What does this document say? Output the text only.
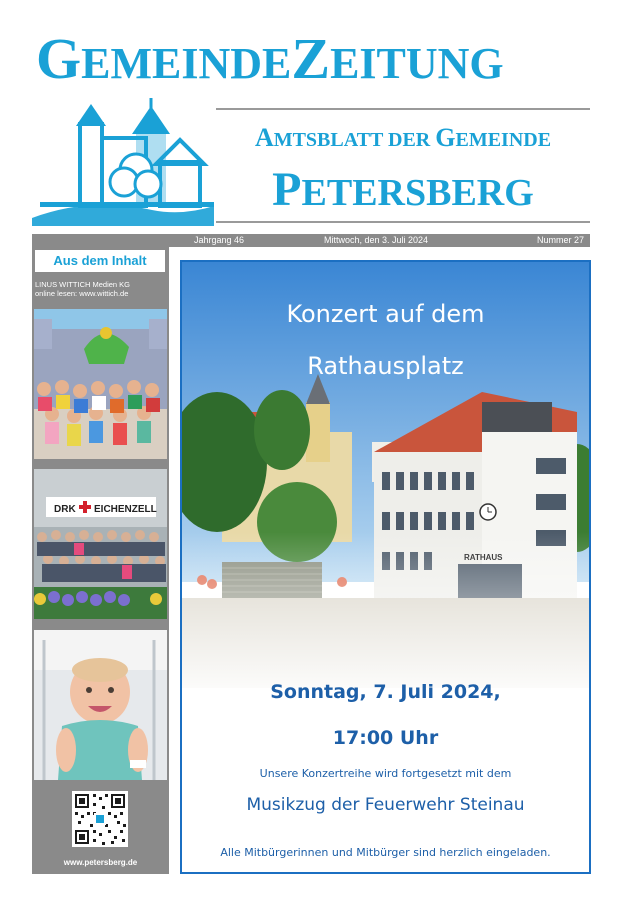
GEMEINDEZEITUNG
AMTSBLATT DER GEMEINDE
PETERSBERG
Jahrgang 46	Mittwoch, den 3. Juli 2024	Nummer 27
Aus dem Inhalt
LINUS WITTICH Medien KG
online lesen: www.wittich.de
DRK EICHENZELL
www.petersberg.de
Konzert auf dem
Rathausplatz
Sonntag, 7. Juli 2024,
17:00 Uhr
Unsere Konzertreihe wird fortgesetzt mit dem
Musikzug der Feuerwehr Steinau
Alle Mitbürgerinnen und Mitbürger sind herzlich eingeladen.
